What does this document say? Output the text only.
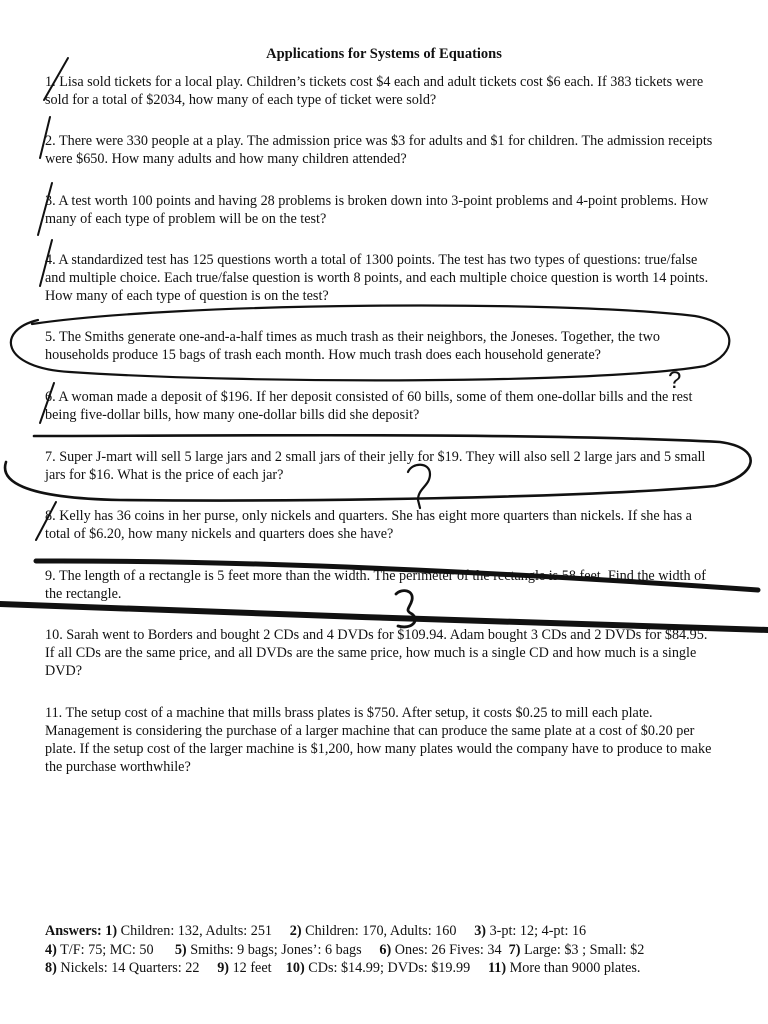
Applications for Systems of Equations
1. Lisa sold tickets for a local play. Children’s tickets cost $4 each and adult tickets cost $6 each. If 383 tickets were sold for a total of $2034, how many of each type of ticket were sold?
2. There were 330 people at a play. The admission price was $3 for adults and $1 for children. The admission receipts were $650. How many adults and how many children attended?
3. A test worth 100 points and having 28 problems is broken down into 3-point problems and 4-point problems. How many of each type of problem will be on the test?
4. A standardized test has 125 questions worth a total of 1300 points. The test has two types of questions: true/false and multiple choice. Each true/false question is worth 8 points, and each multiple choice question is worth 14 points. How many of each type of question is on the test?
5. The Smiths generate one-and-a-half times as much trash as their neighbors, the Joneses. Together, the two households produce 15 bags of trash each month. How much trash does each household generate?
6. A woman made a deposit of $196. If her deposit consisted of 60 bills, some of them one-dollar bills and the rest being five-dollar bills, how many one-dollar bills did she deposit?
7. Super J-mart will sell 5 large jars and 2 small jars of their jelly for $19. They will also sell 2 large jars and 5 small jars for $16. What is the price of each jar?
8. Kelly has 36 coins in her purse, only nickels and quarters. She has eight more quarters than nickels. If she has a total of $6.20, how many nickels and quarters does she have?
9. The length of a rectangle is 5 feet more than the width. The perimeter of the rectangle is 58 feet. Find the width of the rectangle.
10. Sarah went to Borders and bought 2 CDs and 4 DVDs for $109.94. Adam bought 3 CDs and 2 DVDs for $84.95. If all CDs are the same price, and all DVDs are the same price, how much is a single CD and how much is a single DVD?
11. The setup cost of a machine that mills brass plates is $750. After setup, it costs $0.25 to mill each plate. Management is considering the purchase of a larger machine that can produce the same plate at a cost of $0.20 per plate. If the setup cost of the larger machine is $1,200, how many plates would the company have to produce to make the purchase worthwhile?
Answers: 1) Children: 132, Adults: 251 2) Children: 170, Adults: 160 3) 3-pt: 12; 4-pt: 16
4) T/F: 75; MC: 50 5) Smiths: 9 bags; Jones’: 6 bags 6) Ones: 26 Fives: 34 7) Large: $3 ; Small: $2
8) Nickels: 14 Quarters: 22 9) 12 feet 10) CDs: $14.99; DVDs: $19.99 11) More than 9000 plates.
?
